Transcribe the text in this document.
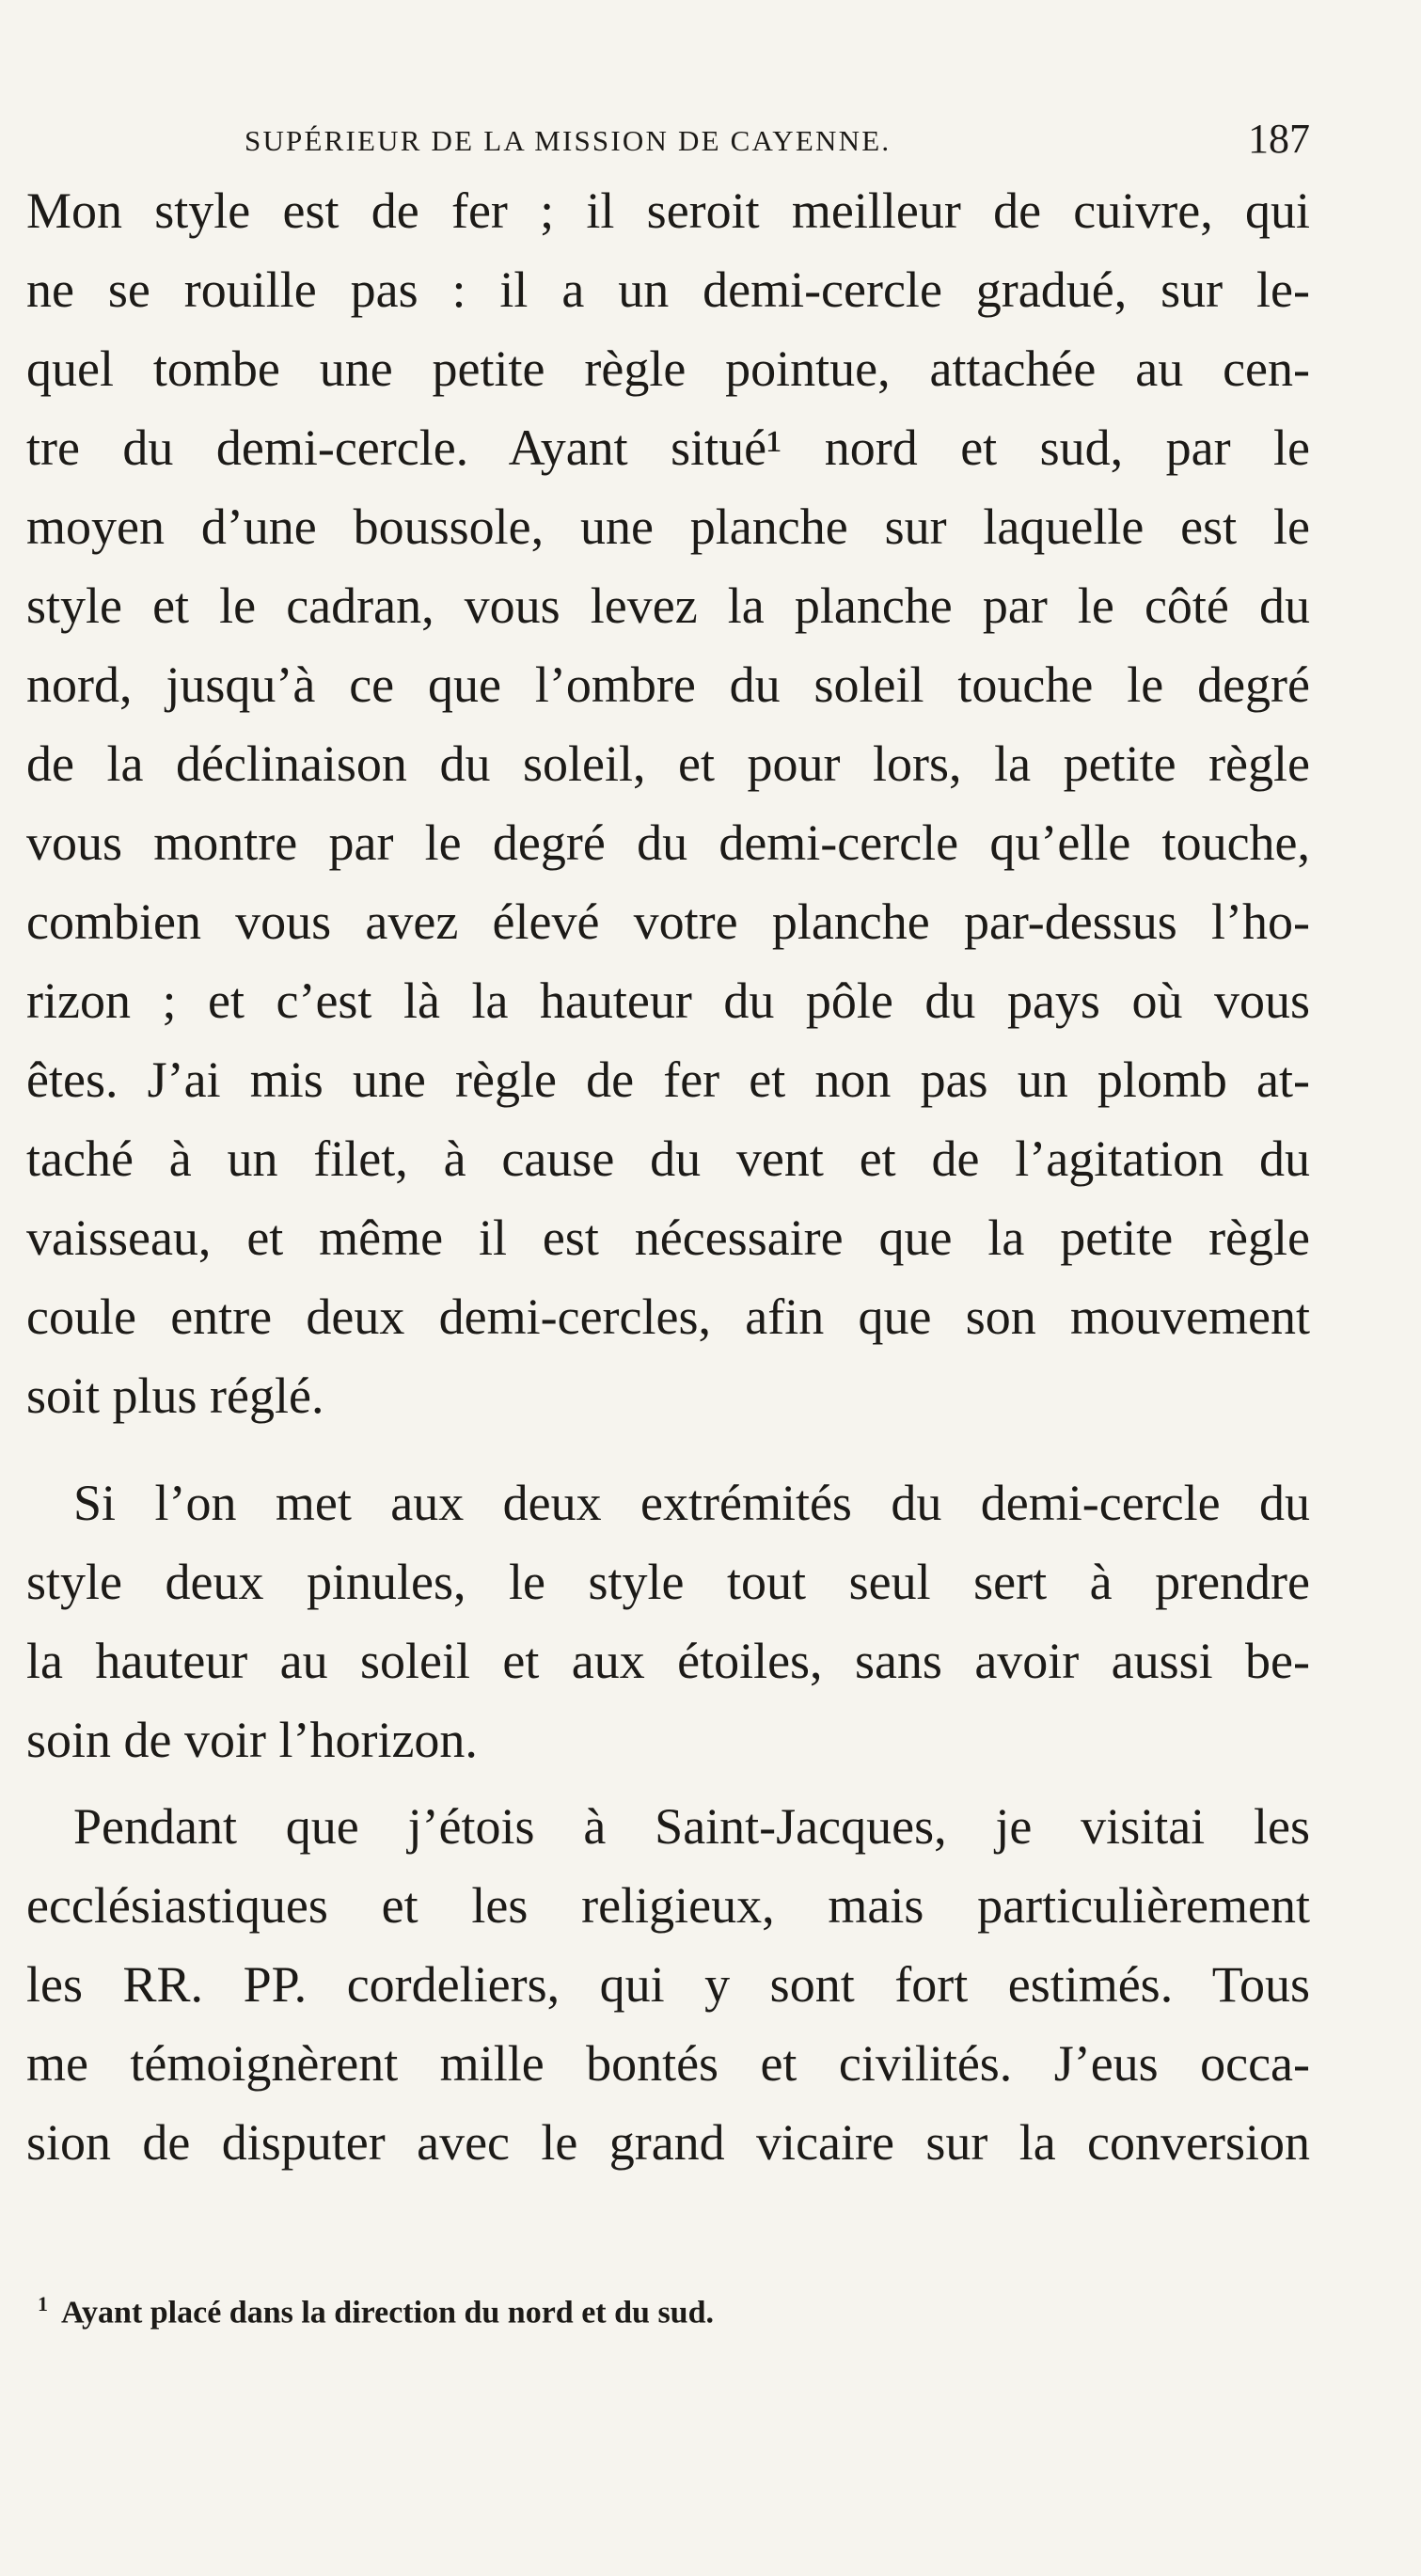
SUPÉRIEUR DE LA MISSION DE CAYENNE.	187
Mon style est de fer ; il seroit meilleur de cuivre, qui
ne se rouille pas : il a un demi-cercle gradué, sur le-
quel tombe une petite règle pointue, attachée au cen-
tre du demi-cercle. Ayant situé¹ nord et sud, par le
moyen d’une boussole, une planche sur laquelle est le
style et le cadran, vous levez la planche par le côté du
nord, jusqu’à ce que l’ombre du soleil touche le degré
de la déclinaison du soleil, et pour lors, la petite règle
vous montre par le degré du demi-cercle qu’elle touche,
combien vous avez élevé votre planche par-dessus l’ho-
rizon ; et c’est là la hauteur du pôle du pays où vous
êtes. J’ai mis une règle de fer et non pas un plomb at-
taché à un filet, à cause du vent et de l’agitation du
vaisseau, et même il est nécessaire que la petite règle
coule entre deux demi-cercles, afin que son mouvement
soit plus réglé.
Si l’on met aux deux extrémités du demi-cercle du
style deux pinules, le style tout seul sert à prendre
la hauteur au soleil et aux étoiles, sans avoir aussi be-
soin de voir l’horizon.
Pendant que j’étois à Saint-Jacques, je visitai les
ecclésiastiques et les religieux, mais particulièrement
les RR. PP. cordeliers, qui y sont fort estimés. Tous
me témoignèrent mille bontés et civilités. J’eus occa-
sion de disputer avec le grand vicaire sur la conversion
$^1$ Ayant placé dans la direction du nord et du sud.
